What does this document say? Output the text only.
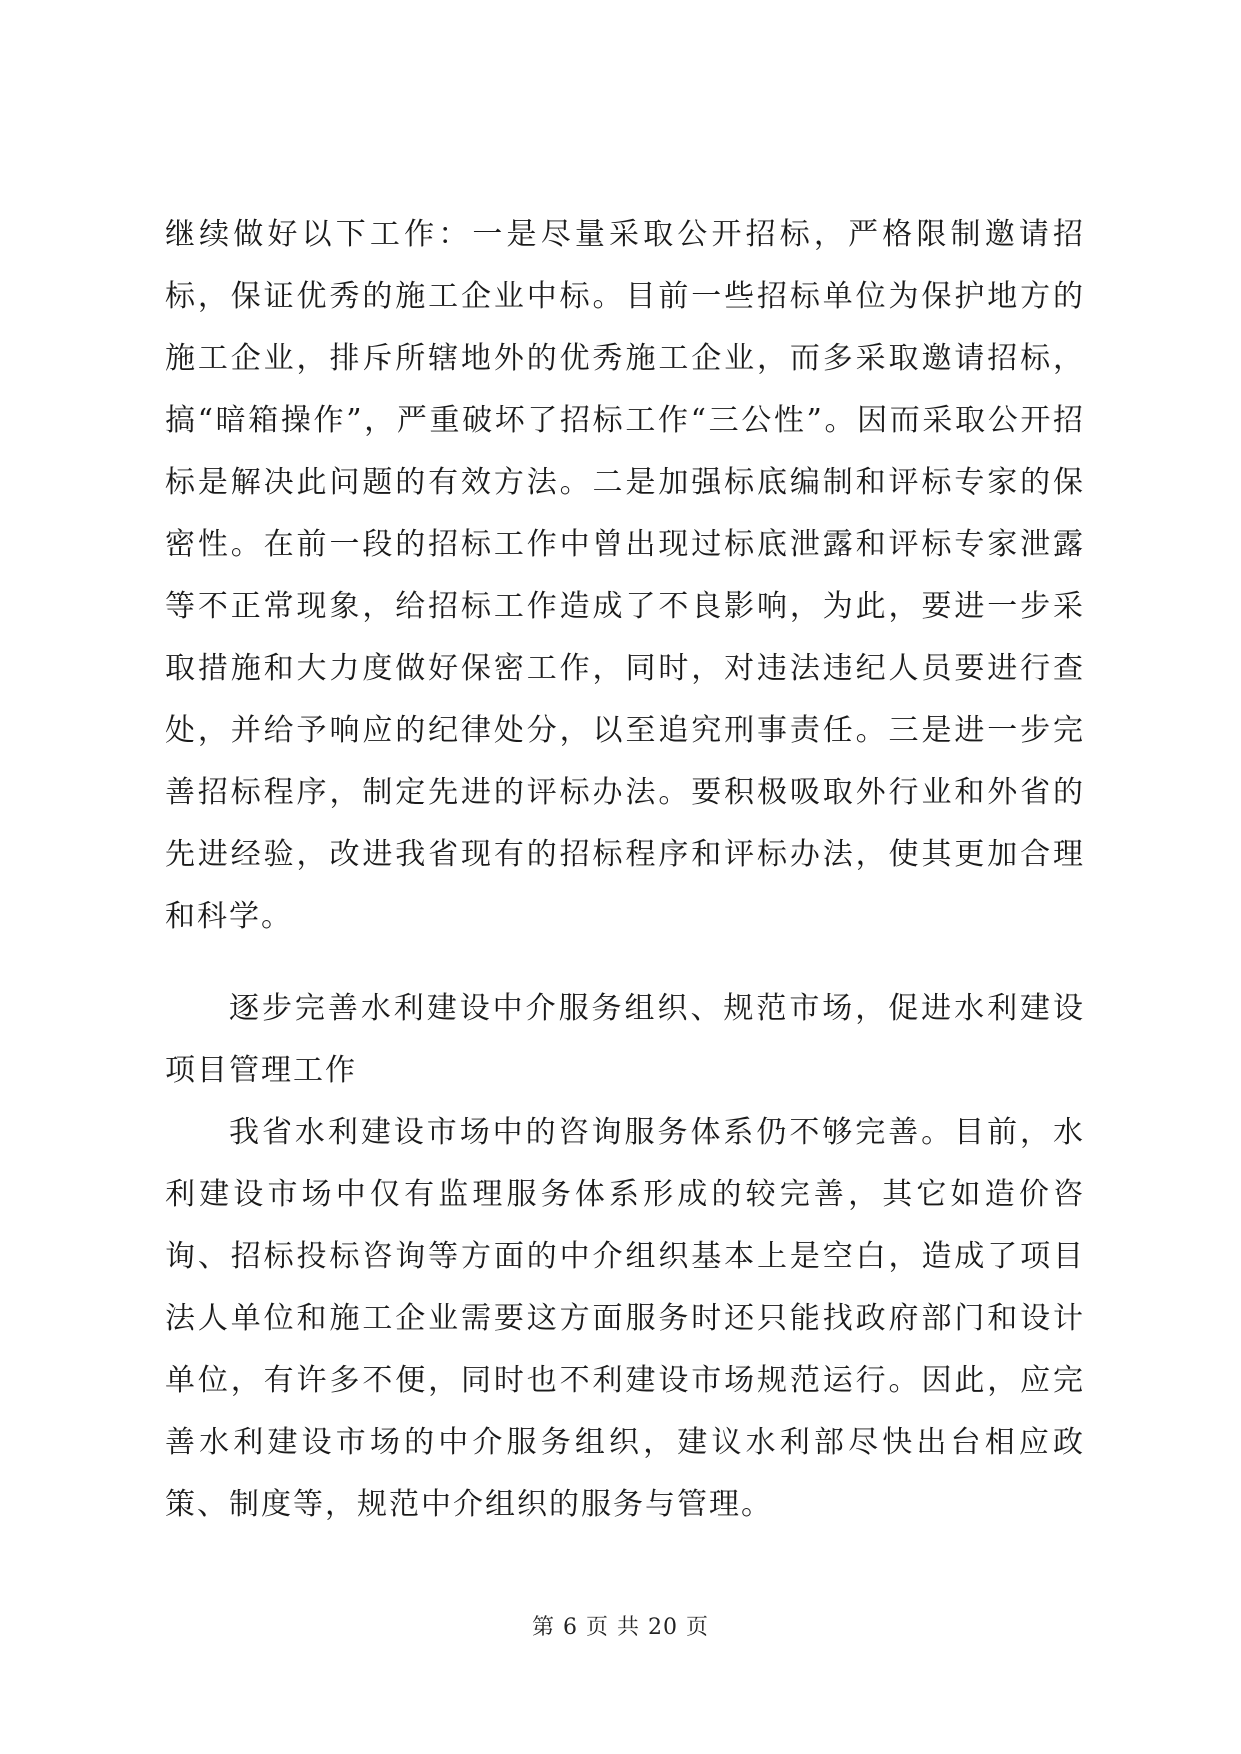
继续做好以下工作：一是尽量采取公开招标，严格限制邀请招标，保证优秀的施工企业中标。目前一些招标单位为保护地方的施工企业，排斥所辖地外的优秀施工企业，而多采取邀请招标，搞“暗箱操作”，严重破坏了招标工作“三公性”。因而采取公开招标是解决此问题的有效方法。二是加强标底编制和评标专家的保密性。在前一段的招标工作中曾出现过标底泄露和评标专家泄露等不正常现象，给招标工作造成了不良影响，为此，要进一步采取措施和大力度做好保密工作，同时，对违法违纪人员要进行查处，并给予响应的纪律处分，以至追究刑事责任。三是进一步完善招标程序，制定先进的评标办法。要积极吸取外行业和外省的先进经验，改进我省现有的招标程序和评标办法，使其更加合理和科学。

逐步完善水利建设中介服务组织、规范市场，促进水利建设项目管理工作

我省水利建设市场中的咨询服务体系仍不够完善。目前，水利建设市场中仅有监理服务体系形成的较完善，其它如造价咨询、招标投标咨询等方面的中介组织基本上是空白，造成了项目法人单位和施工企业需要这方面服务时还只能找政府部门和设计单位，有许多不便，同时也不利建设市场规范运行。因此，应完善水利建设市场的中介服务组织，建议水利部尽快出台相应政策、制度等，规范中介组织的服务与管理。

第 6 页 共 20 页
